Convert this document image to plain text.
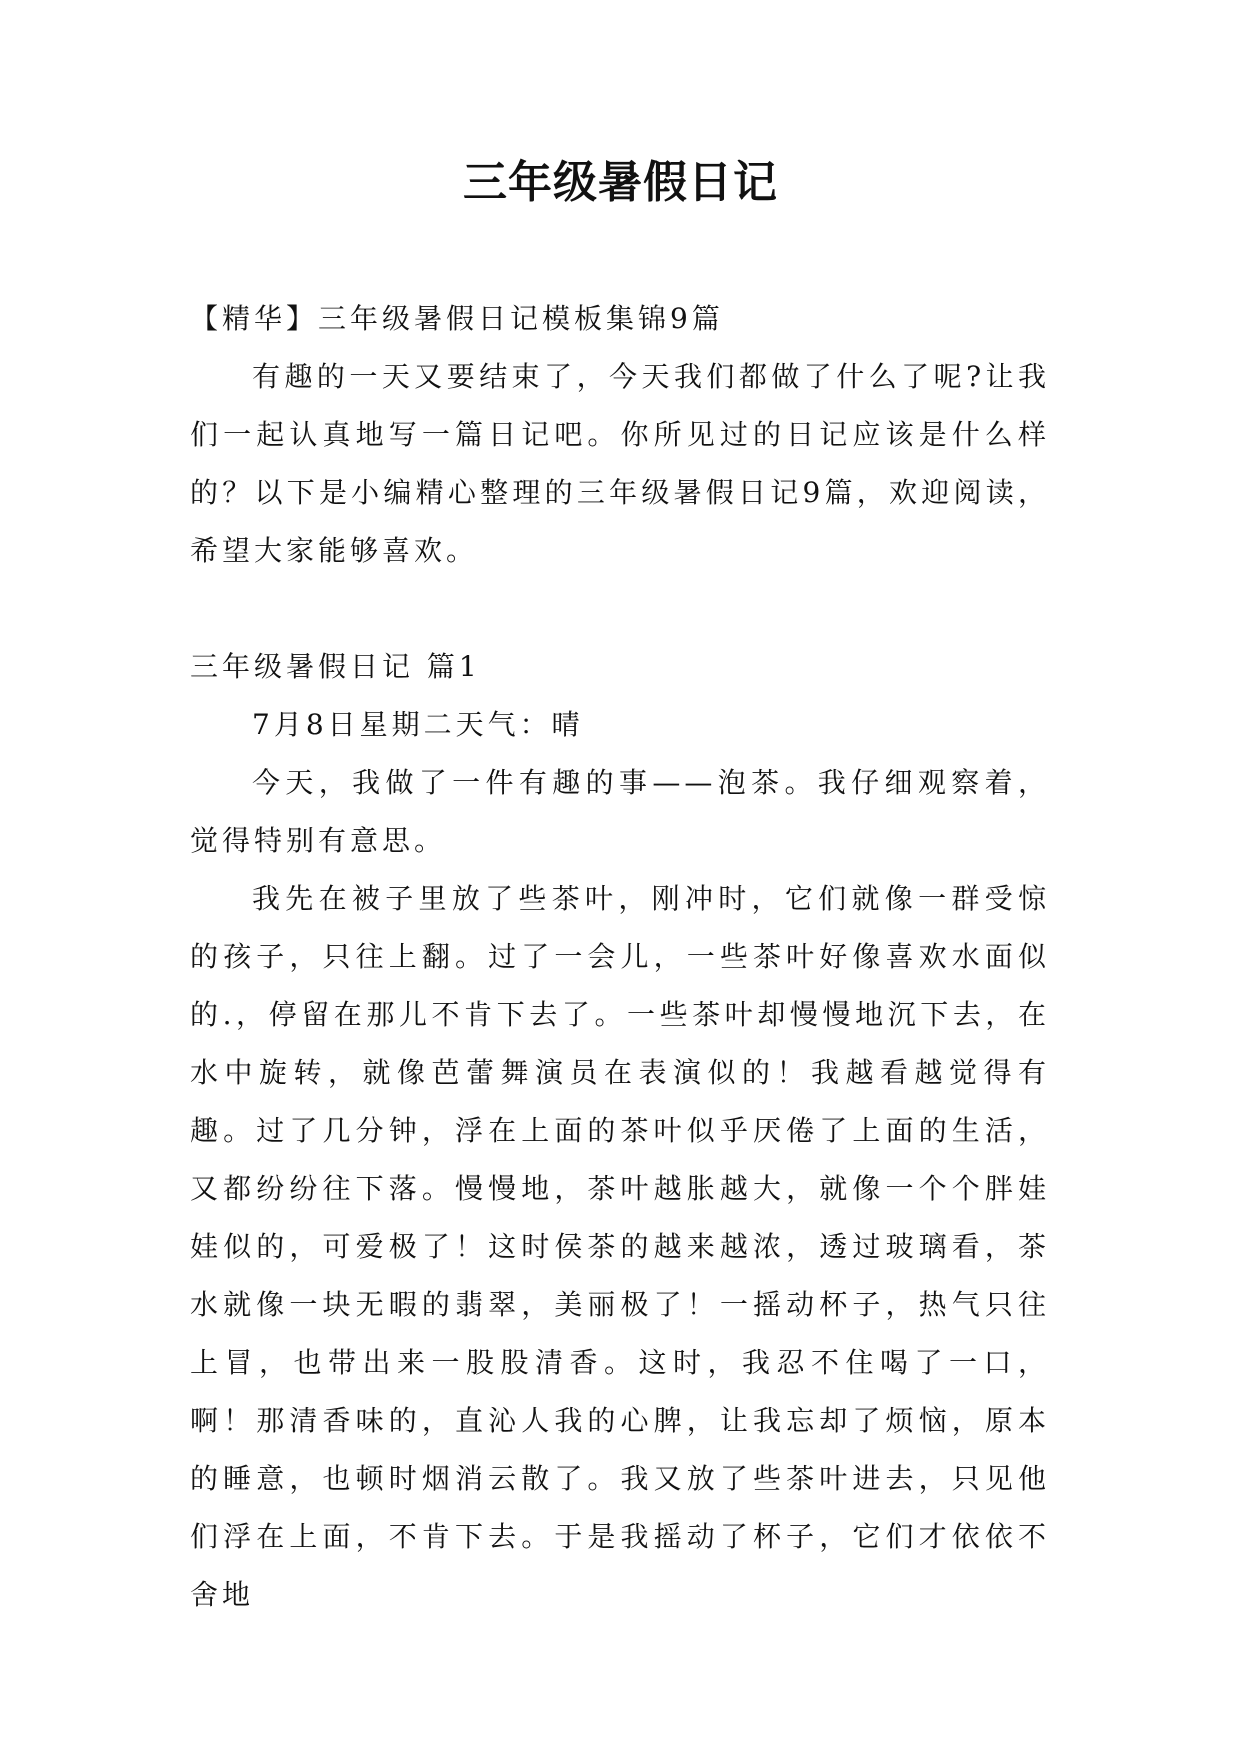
三年级暑假日记

【精华】三年级暑假日记模板集锦9篇

有趣的一天又要结束了，今天我们都做了什么了呢?让我们一起认真地写一篇日记吧。你所见过的日记应该是什么样的？以下是小编精心整理的三年级暑假日记9篇，欢迎阅读，希望大家能够喜欢。

三年级暑假日记 篇1

7月8日星期二天气：晴

今天，我做了一件有趣的事——泡茶。我仔细观察着，觉得特别有意思。

我先在被子里放了些茶叶，刚冲时，它们就像一群受惊的孩子，只往上翻。过了一会儿，一些茶叶好像喜欢水面似的.，停留在那儿不肯下去了。一些茶叶却慢慢地沉下去，在水中旋转，就像芭蕾舞演员在表演似的！我越看越觉得有趣。过了几分钟，浮在上面的茶叶似乎厌倦了上面的生活，又都纷纷往下落。慢慢地，茶叶越胀越大，就像一个个胖娃娃似的，可爱极了！这时侯茶的越来越浓，透过玻璃看，茶水就像一块无暇的翡翠，美丽极了！一摇动杯子，热气只往上冒，也带出来一股股清香。这时，我忍不住喝了一口，啊！那清香味的，直沁人我的心脾，让我忘却了烦恼，原本的睡意，也顿时烟消云散了。我又放了些茶叶进去，只见他们浮在上面，不肯下去。于是我摇动了杯子，它们才依依不舍地
